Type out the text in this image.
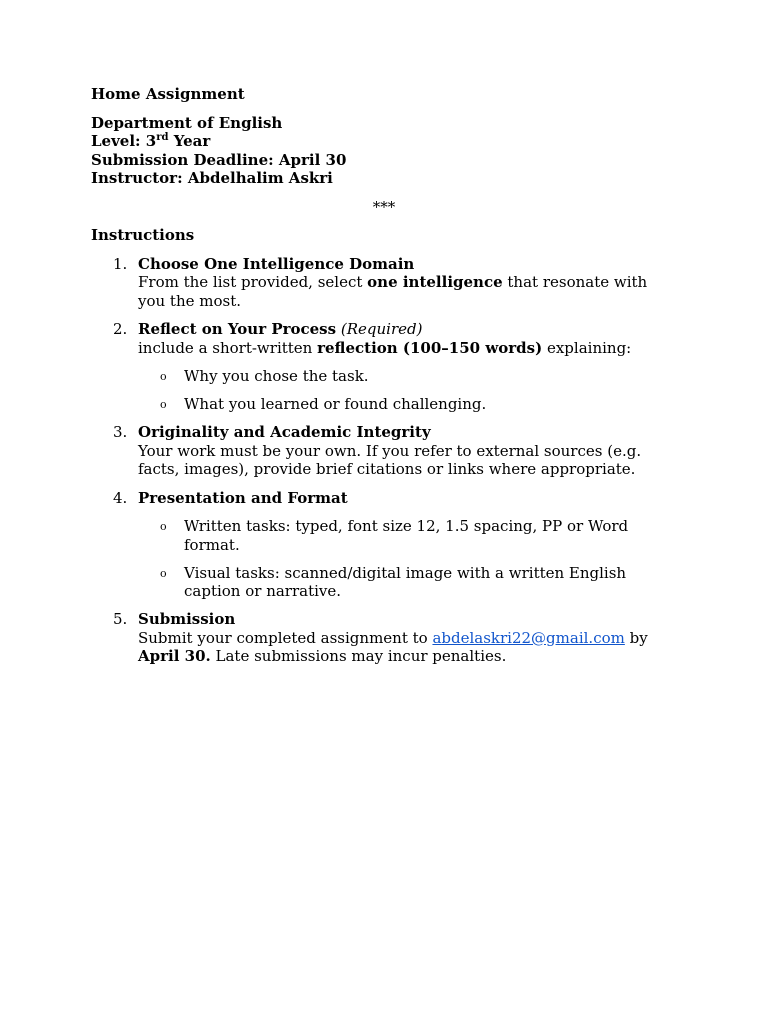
Home Assignment
Department of English
Level: 3rd Year
Submission Deadline: April 30
Instructor: Abdelhalim Askri
***
Instructions
1. Choose One Intelligence Domain
From the list provided, select one intelligence that resonate with you the most.
2. Reflect on Your Process (Required)
include a short-written reflection (100–150 words) explaining:
o Why you chose the task.
o What you learned or found challenging.
3. Originality and Academic Integrity
Your work must be your own. If you refer to external sources (e.g. facts, images), provide brief citations or links where appropriate.
4. Presentation and Format
o Written tasks: typed, font size 12, 1.5 spacing, PP or Word format.
o Visual tasks: scanned/digital image with a written English caption or narrative.
5. Submission
Submit your completed assignment to abdelaskri22@gmail.com by
April 30. Late submissions may incur penalties.
